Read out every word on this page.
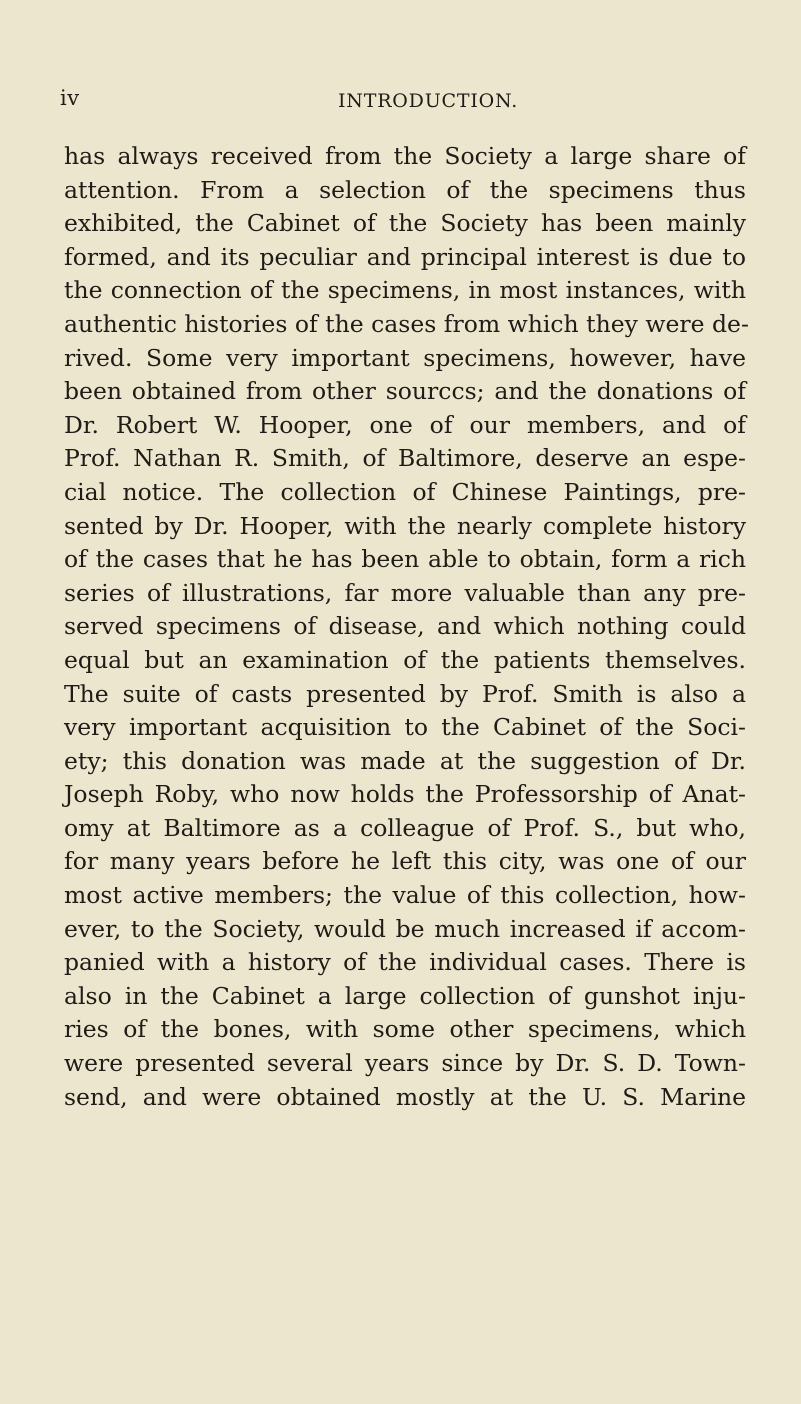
iv	INTRODUCTION.
has always received from the Society a large share of
attention. From a selection of the specimens thus
exhibited, the Cabinet of the Society has been mainly
formed, and its peculiar and principal interest is due to
the connection of the specimens, in most instances, with
authentic histories of the cases from which they were de-
rived. Some very important specimens, however, have
been obtained from other sourccs; and the donations of
Dr. Robert W. Hooper, one of our members, and of
Prof. Nathan R. Smith, of Baltimore, deserve an espe-
cial notice. The collection of Chinese Paintings, pre-
sented by Dr. Hooper, with the nearly complete history
of the cases that he has been able to obtain, form a rich
series of illustrations, far more valuable than any pre-
served specimens of disease, and which nothing could
equal but an examination of the patients themselves.
The suite of casts presented by Prof. Smith is also a
very important acquisition to the Cabinet of the Soci-
ety; this donation was made at the suggestion of Dr.
Joseph Roby, who now holds the Professorship of Anat-
omy at Baltimore as a colleague of Prof. S., but who,
for many years before he left this city, was one of our
most active members; the value of this collection, how-
ever, to the Society, would be much increased if accom-
panied with a history of the individual cases. There is
also in the Cabinet a large collection of gunshot inju-
ries of the bones, with some other specimens, which
were presented several years since by Dr. S. D. Town-
send, and were obtained mostly at the U. S. Marine
